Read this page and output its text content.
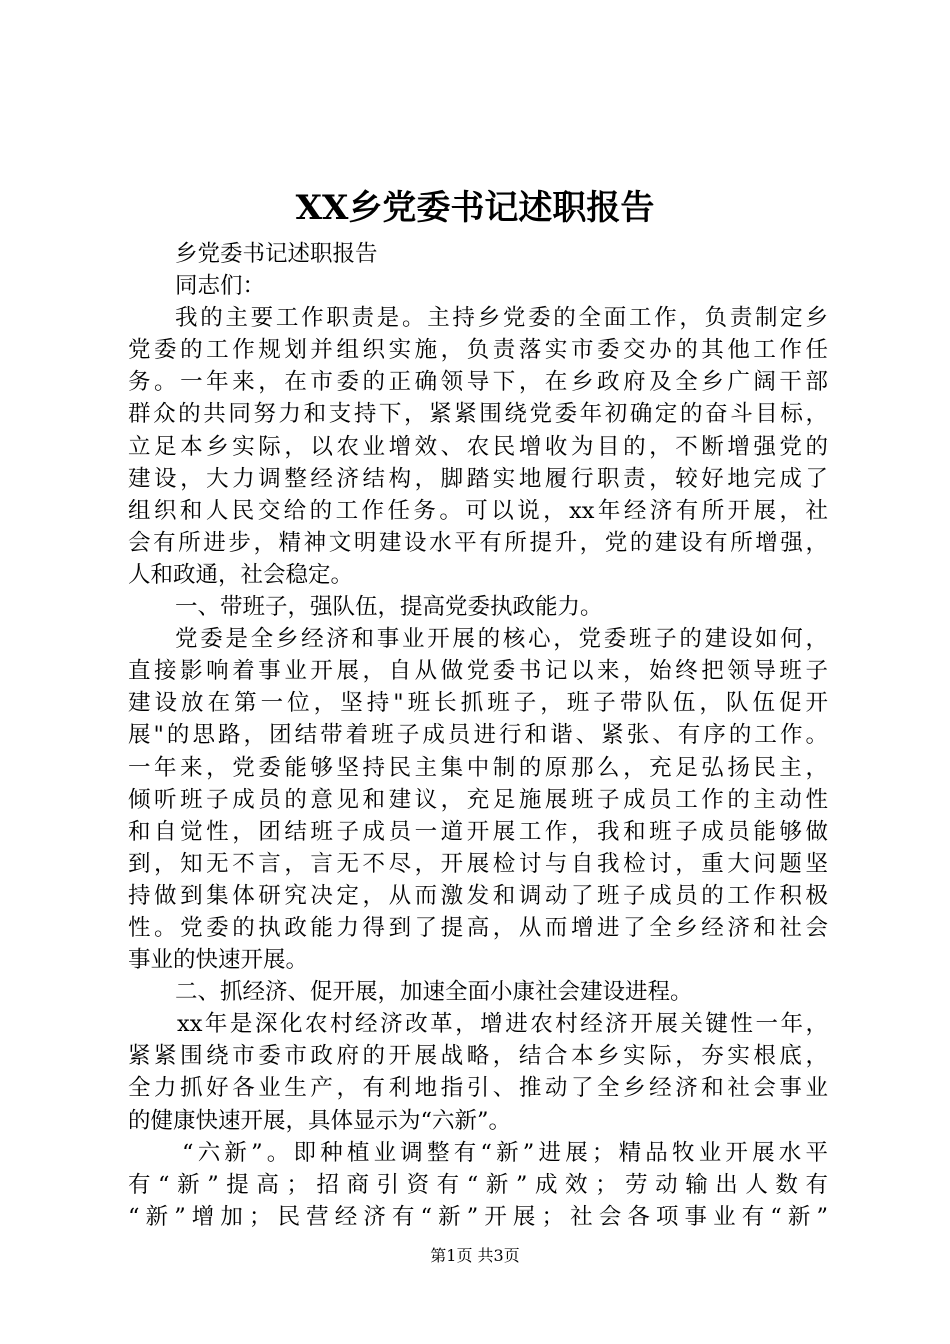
XX乡党委书记述职报告
乡党委书记述职报告
同志们：
我的主要工作职责是。主持乡党委的全面工作，负责制定乡
党委的工作规划并组织实施，负责落实市委交办的其他工作任
务。一年来，在市委的正确领导下，在乡政府及全乡广阔干部
群众的共同努力和支持下，紧紧围绕党委年初确定的奋斗目标，
立足本乡实际，以农业增效、农民增收为目的，不断增强党的
建设，大力调整经济结构，脚踏实地履行职责，较好地完成了
组织和人民交给的工作任务。可以说，xx年经济有所开展，社
会有所进步，精神文明建设水平有所提升，党的建设有所增强，
人和政通，社会稳定。
一、带班子，强队伍，提高党委执政能力。
党委是全乡经济和事业开展的核心，党委班子的建设如何，
直接影响着事业开展，自从做党委书记以来，始终把领导班子
建设放在第一位，坚持"班长抓班子，班子带队伍，队伍促开
展"的思路，团结带着班子成员进行和谐、紧张、有序的工作。
一年来，党委能够坚持民主集中制的原那么，充足弘扬民主，
倾听班子成员的意见和建议，充足施展班子成员工作的主动性
和自觉性，团结班子成员一道开展工作，我和班子成员能够做
到，知无不言，言无不尽，开展检讨与自我检讨，重大问题坚
持做到集体研究决定，从而激发和调动了班子成员的工作积极
性。党委的执政能力得到了提高，从而增进了全乡经济和社会
事业的快速开展。
二、抓经济、促开展，加速全面小康社会建设进程。
xx年是深化农村经济改革，增进农村经济开展关键性一年，
紧紧围绕市委市政府的开展战略，结合本乡实际，夯实根底，
全力抓好各业生产，有利地指引、推动了全乡经济和社会事业
的健康快速开展，具体显示为“六新”。
“六新”。即种植业调整有“新”进展；精品牧业开展水平
有“新”提高；招商引资有“新”成效；劳动输出人数有
“新”增加；民营经济有“新”开展；社会各项事业有“新”
第1页 共3页
